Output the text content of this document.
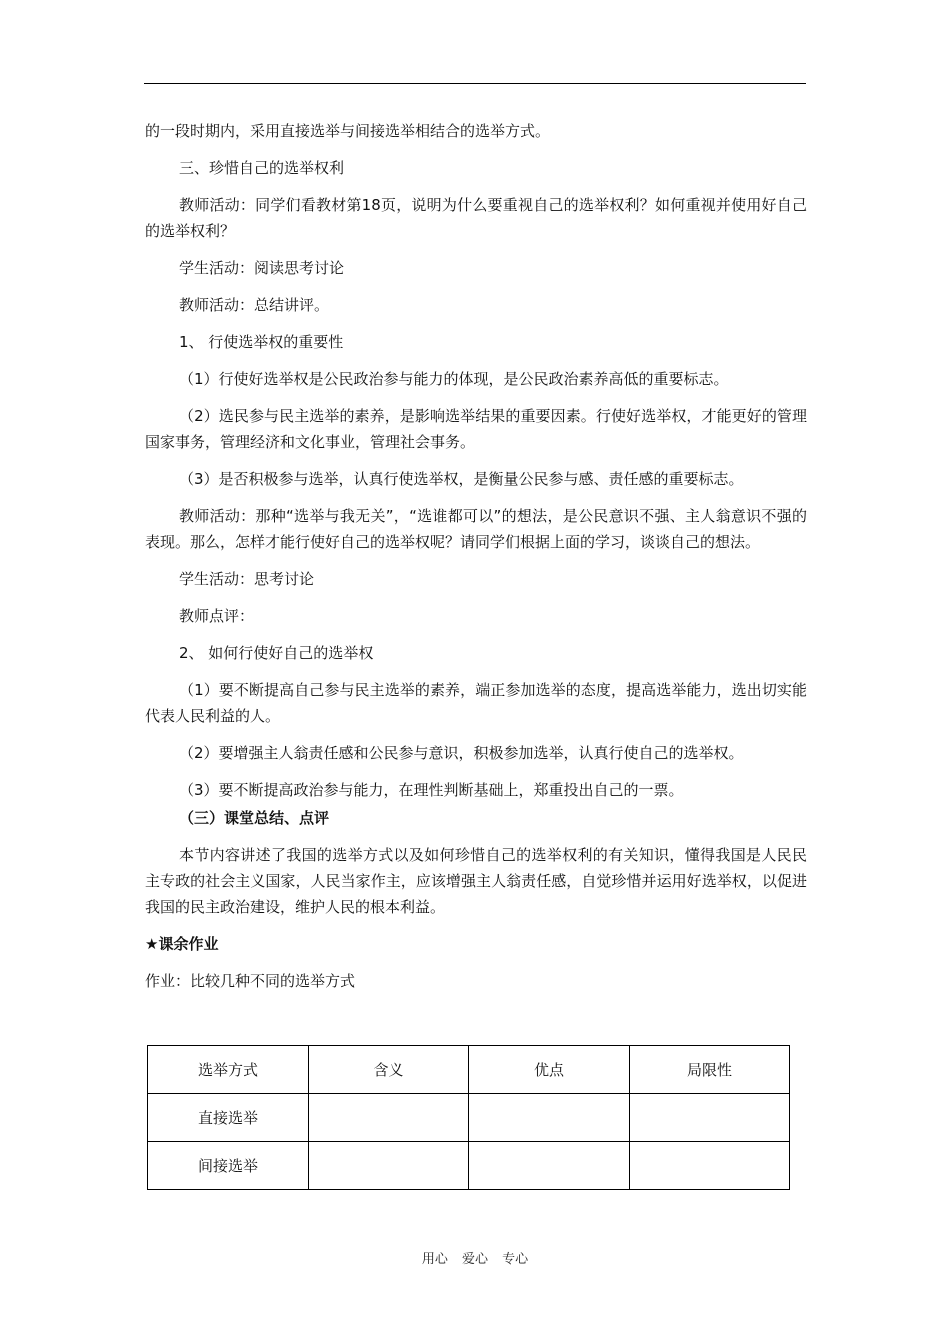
的一段时期内，采用直接选举与间接选举相结合的选举方式。

三、珍惜自己的选举权利

教师活动：同学们看教材第18页，说明为什么要重视自己的选举权利？如何重视并使用好自己的选举权利？

学生活动：阅读思考讨论

教师活动：总结讲评。

1、 行使选举权的重要性

（1）行使好选举权是公民政治参与能力的体现，是公民政治素养高低的重要标志。

（2）选民参与民主选举的素养，是影响选举结果的重要因素。行使好选举权，才能更好的管理国家事务，管理经济和文化事业，管理社会事务。

（3）是否积极参与选举，认真行使选举权，是衡量公民参与感、责任感的重要标志。

教师活动：那种“选举与我无关”，“选谁都可以”的想法，是公民意识不强、主人翁意识不强的表现。那么，怎样才能行使好自己的选举权呢？请同学们根据上面的学习，谈谈自己的想法。

学生活动：思考讨论

教师点评：

2、 如何行使好自己的选举权

（1）要不断提高自己参与民主选举的素养，端正参加选举的态度，提高选举能力，选出切实能代表人民利益的人。

（2）要增强主人翁责任感和公民参与意识，积极参加选举，认真行使自己的选举权。

（3）要不断提高政治参与能力，在理性判断基础上，郑重投出自己的一票。

（三）课堂总结、点评

本节内容讲述了我国的选举方式以及如何珍惜自己的选举权利的有关知识，懂得我国是人民民主专政的社会主义国家，人民当家作主，应该增强主人翁责任感，自觉珍惜并运用好选举权，以促进我国的民主政治建设，维护人民的根本利益。

★课余作业

作业：比较几种不同的选举方式

选举方式	含义	优点	局限性
直接选举			
间接选举			
用心 爱心 专心
